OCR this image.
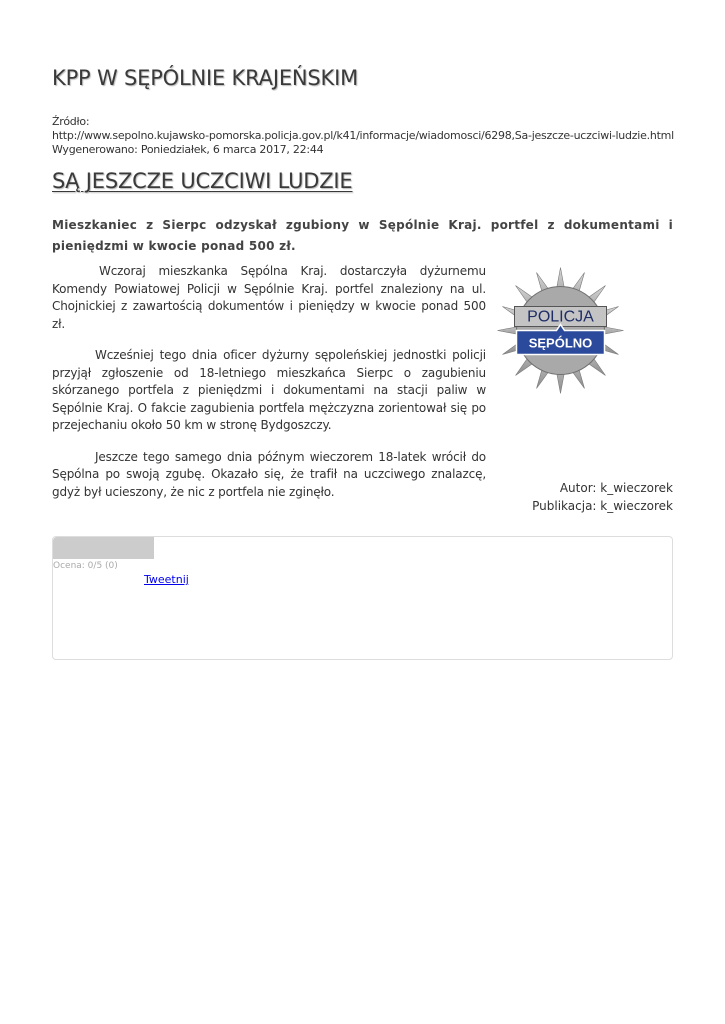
KPP W SĘPÓLNIE KRAJEŃSKIM
Źródło:
http://www.sepolno.kujawsko-pomorska.policja.gov.pl/k41/informacje/wiadomosci/6298,Sa-jeszcze-uczciwi-ludzie.html
Wygenerowano: Poniedziałek, 6 marca 2017, 22:44
SĄ JESZCZE UCZCIWI LUDZIE

Mieszkaniec z Sierpc odzyskał zgubiony w Sępólnie Kraj. portfel z dokumentami i pieniędzmi w kwocie ponad 500 zł.

Wczoraj mieszkanka Sępólna Kraj. dostarczyła dyżurnemu Komendy Powiatowej Policji w Sępólnie Kraj. portfel znaleziony na ul. Chojnickiej z zawartością dokumentów i pieniędzy w kwocie ponad 500 zł.

Wcześniej tego dnia oficer dyżurny sępoleńskiej jednostki policji przyjął zgłoszenie od 18-letniego mieszkańca Sierpc o zagubieniu skórzanego portfela z pieniędzmi i dokumentami na stacji paliw w Sępólnie Kraj. O fakcie zagubienia portfela mężczyzna zorientował się po przejechaniu około 50 km w stronę Bydgoszczy.

Jeszcze tego samego dnia późnym wieczorem 18-latek wrócił do Sępólna po swoją zgubę. Okazało się, że trafił na uczciwego znalazcę, gdyż był ucieszony, że nic z portfela nie zginęło.

POLICJA
SĘPÓLNO
Autor: k_wieczorek
Publikacja: k_wieczorek
Ocena: 0/5 (0)
Tweetnij
